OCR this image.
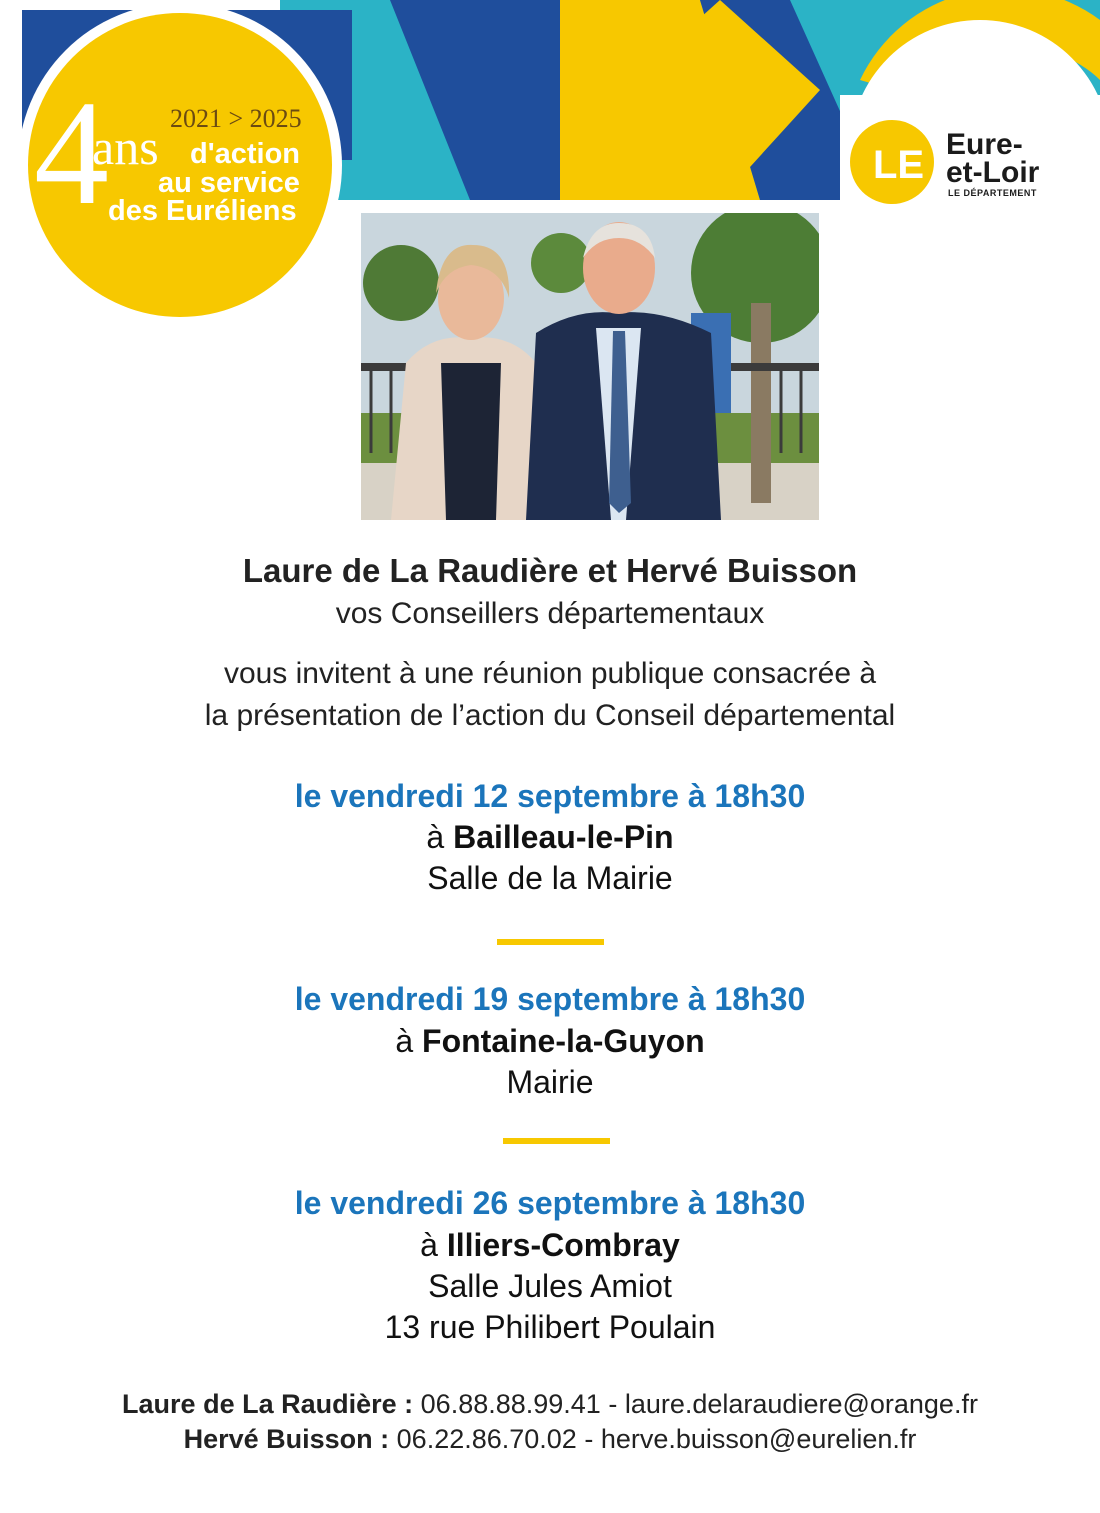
LE
2021 > 2025
4
ans d'action
au service
des Euréliens
Eure-
et-Loir
LE DÉPARTEMENT
Laure de La Raudière et Hervé Buisson
vos Conseillers départementaux
vous invitent à une réunion publique consacrée à
la présentation de l’action du Conseil départemental
le vendredi 12 septembre à 18h30
à Bailleau-le-Pin
Salle de la Mairie
le vendredi 19 septembre à 18h30
à Fontaine-la-Guyon
Mairie
le vendredi 26 septembre à 18h30
à Illiers-Combray
Salle Jules Amiot
13 rue Philibert Poulain
Laure de La Raudière : 06.88.88.99.41 - laure.delaraudiere@orange.fr
Hervé Buisson : 06.22.86.70.02 - herve.buisson@eurelien.fr
